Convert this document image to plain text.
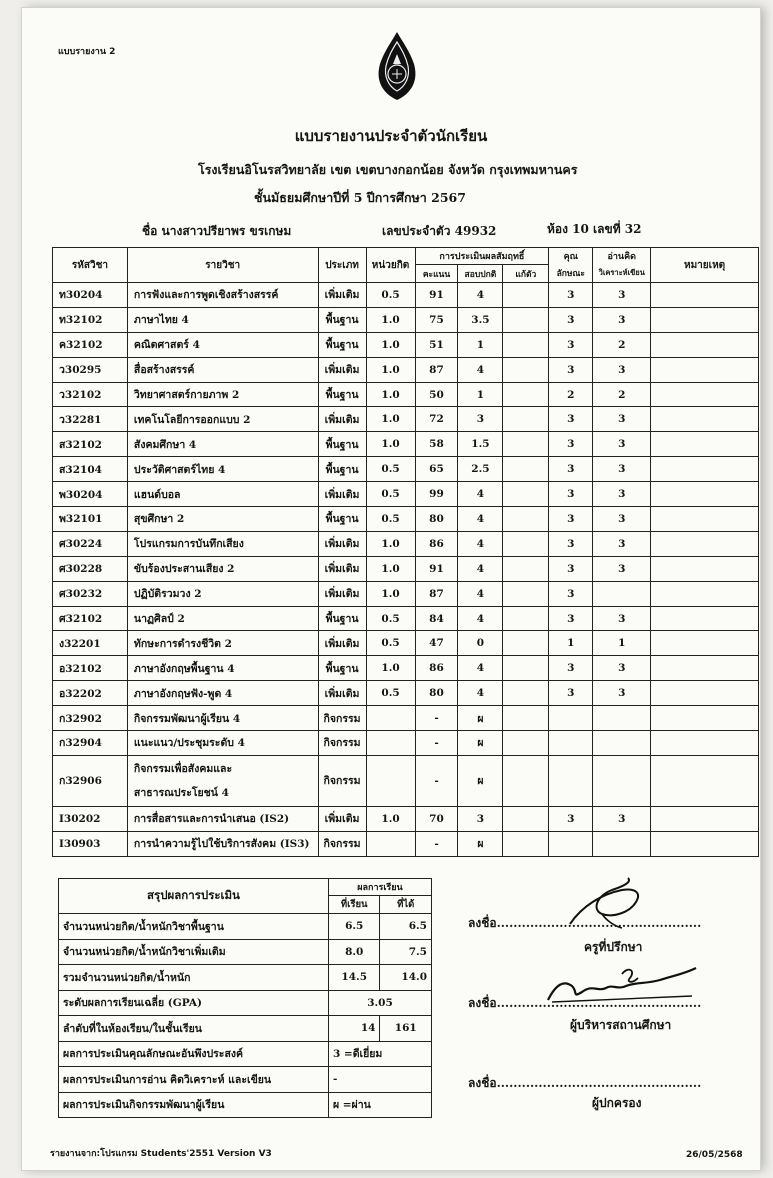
แบบรายงาน 2
แบบรายงานประจำตัวนักเรียน
โรงเรียนอิโนรสวิทยาลัย เขต เขตบางกอกน้อย จังหวัด กรุงเทพมหานคร
ชั้นมัธยมศึกษาปีที่ 5 ปีการศึกษา 2567
ชื่อ นางสาวปรียาพร ขรเกษม	เลขประจำตัว 49932	ห้อง 10 เลขที่ 32
รหัสวิชา	รายวิชา	ประเภท	หน่วยกิต	การประเมินผลสัมฤทธิ์			คุณ	อ่านคิด	หมายเหตุ
				คะแนน	สอบปกติ	แก้ตัว	ลักษณะ	วิเคราะห์เขียน	
ท30204	การฟังและการพูดเชิงสร้างสรรค์	เพิ่มเติม	0.5	91	4		3	3	
ท32102	ภาษาไทย 4	พื้นฐาน	1.0	75	3.5		3	3	
ค32102	คณิตศาสตร์ 4	พื้นฐาน	1.0	51	1		3	2	
ว30295	สื่อสร้างสรรค์	เพิ่มเติม	1.0	87	4		3	3	
ว32102	วิทยาศาสตร์กายภาพ 2	พื้นฐาน	1.0	50	1		2	2	
ว32281	เทคโนโลยีการออกแบบ 2	เพิ่มเติม	1.0	72	3		3	3	
ส32102	สังคมศึกษา 4	พื้นฐาน	1.0	58	1.5		3	3	
ส32104	ประวัติศาสตร์ไทย 4	พื้นฐาน	0.5	65	2.5		3	3	
พ30204	แฮนด์บอล	เพิ่มเติม	0.5	99	4		3	3	
พ32101	สุขศึกษา 2	พื้นฐาน	0.5	80	4		3	3	
ศ30224	โปรแกรมการบันทึกเสียง	เพิ่มเติม	1.0	86	4		3	3	
ศ30228	ขับร้องประสานเสียง 2	เพิ่มเติม	1.0	91	4		3	3	
ศ30232	ปฏิบัติรวมวง 2	เพิ่มเติม	1.0	87	4		3		
ศ32102	นาฏศิลป์ 2	พื้นฐาน	0.5	84	4		3	3	
ง32201	ทักษะการดำรงชีวิต 2	เพิ่มเติม	0.5	47	0		1	1	
อ32102	ภาษาอังกฤษพื้นฐาน 4	พื้นฐาน	1.0	86	4		3	3	
อ32202	ภาษาอังกฤษฟัง-พูด 4	เพิ่มเติม	0.5	80	4		3	3	
ก32902	กิจกรรมพัฒนาผู้เรียน 4	กิจกรรม		-	ผ				
ก32904	แนะแนว/ประชุมระดับ 4	กิจกรรม		-	ผ				
ก32906	กิจกรรมเพื่อสังคมและสาธารณประโยชน์ 4	กิจกรรม		-	ผ				
I30202	การสื่อสารและการนำเสนอ (IS2)	เพิ่มเติม	1.0	70	3		3	3	
I30903	การนำความรู้ไปใช้บริการสังคม (IS3)	กิจกรรม		-	ผ				
สรุปผลการประเมิน	ผลการเรียน	
	ที่เรียน	ที่ได้
จำนวนหน่วยกิต/น้ำหนักวิชาพื้นฐาน	6.5	6.5
จำนวนหน่วยกิต/น้ำหนักวิชาเพิ่มเติม	8.0	7.5
รวมจำนวนหน่วยกิต/น้ำหนัก	14.5	14.0
ระดับผลการเรียนเฉลี่ย (GPA)	3.05	
ลำดับที่ในห้องเรียน/ในชั้นเรียน	14	161
ผลการประเมินคุณลักษณะอันพึงประสงค์	3 =ดีเยี่ยม	
ผลการประเมินการอ่าน คิดวิเคราะห์ และเขียน	-	
ผลการประเมินกิจกรรมพัฒนาผู้เรียน	ผ =ผ่าน	
ลงชื่อ.................................................
ครูที่ปรึกษา
ลงชื่อ.................................................
ผู้บริหารสถานศึกษา
ลงชื่อ.................................................
ผู้ปกครอง
รายงานจาก:โปรแกรม Students'2551 Version V3	26/05/2568
